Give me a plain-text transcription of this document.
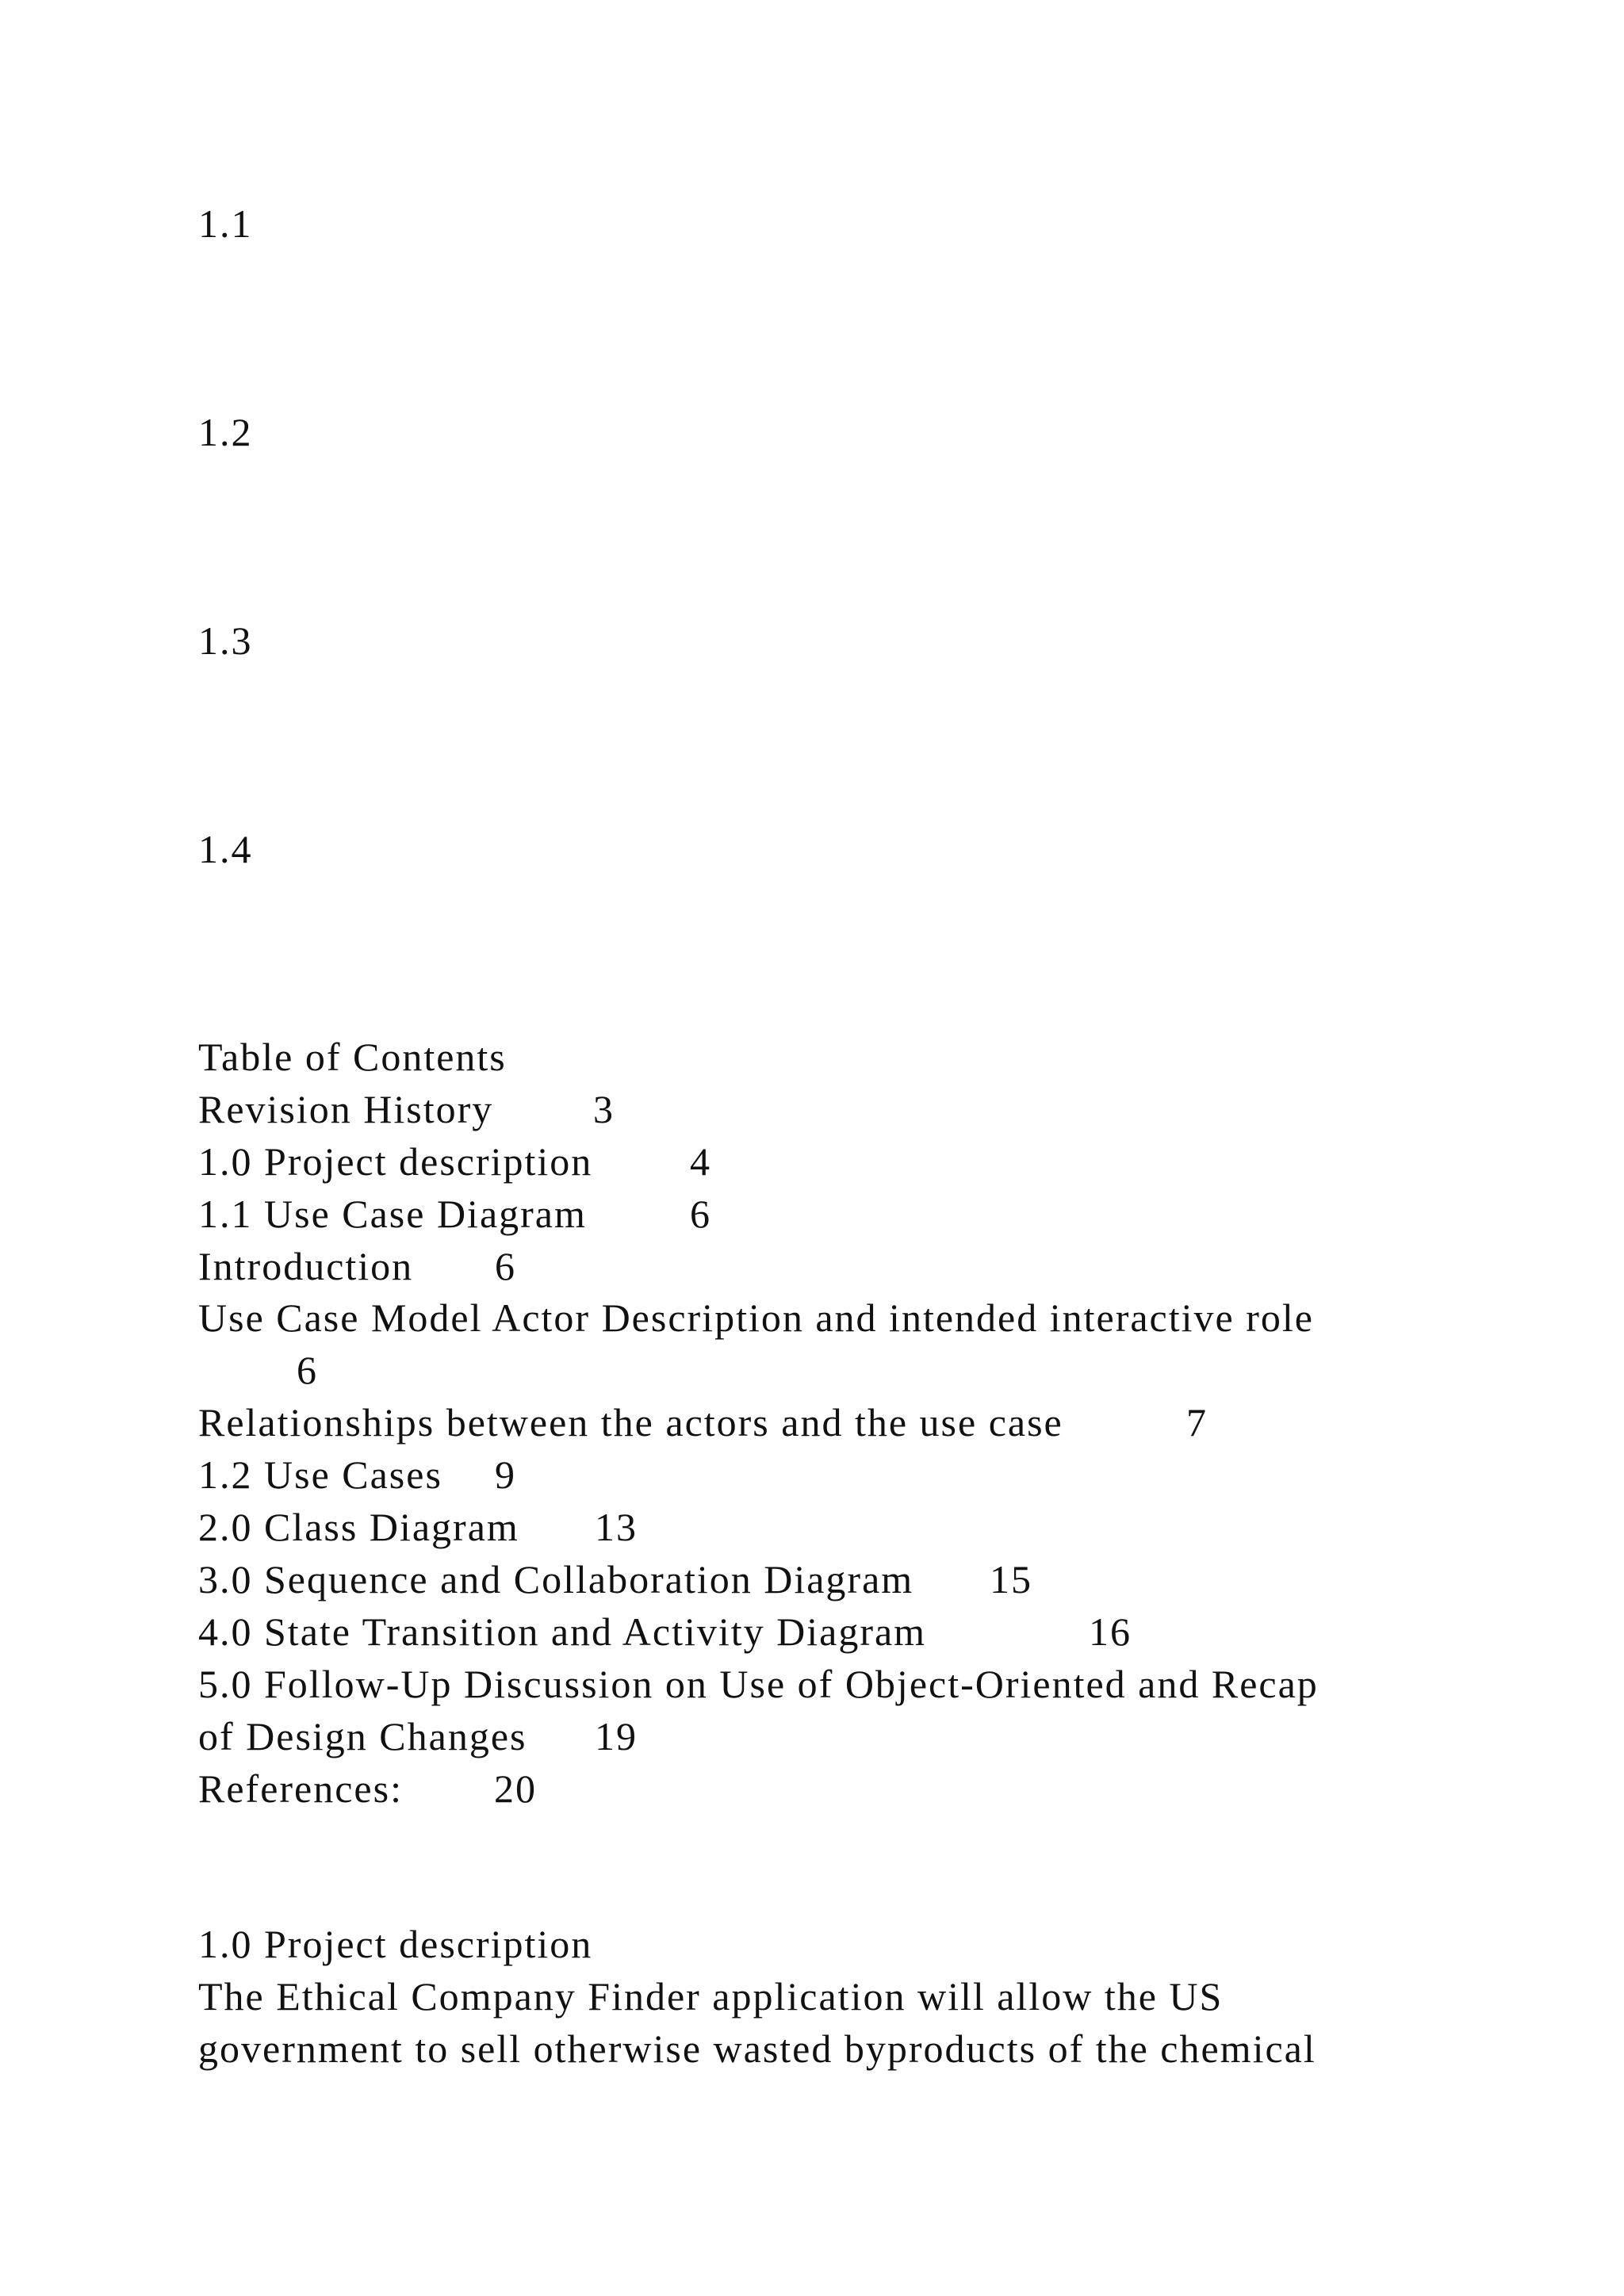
1.1
1.2
1.3
1.4
Table of Contents
Revision History	3
1.0 Project description 4
1.1 Use Case Diagram	6
Introduction 6
Use Case Model Actor Description and intended interactive role
6
Relationships between the actors and the use case	7
1.2 Use Cases 9
2.0 Class Diagram 13
3.0 Sequence and Collaboration Diagram 15
4.0 State Transition and Activity Diagram	16
5.0 Follow-Up Discussion on Use of Object-Oriented and Recap
of Design Changes 19
References: 20
1.0 Project description
The Ethical Company Finder application will allow the US
government to sell otherwise wasted byproducts of the chemical
